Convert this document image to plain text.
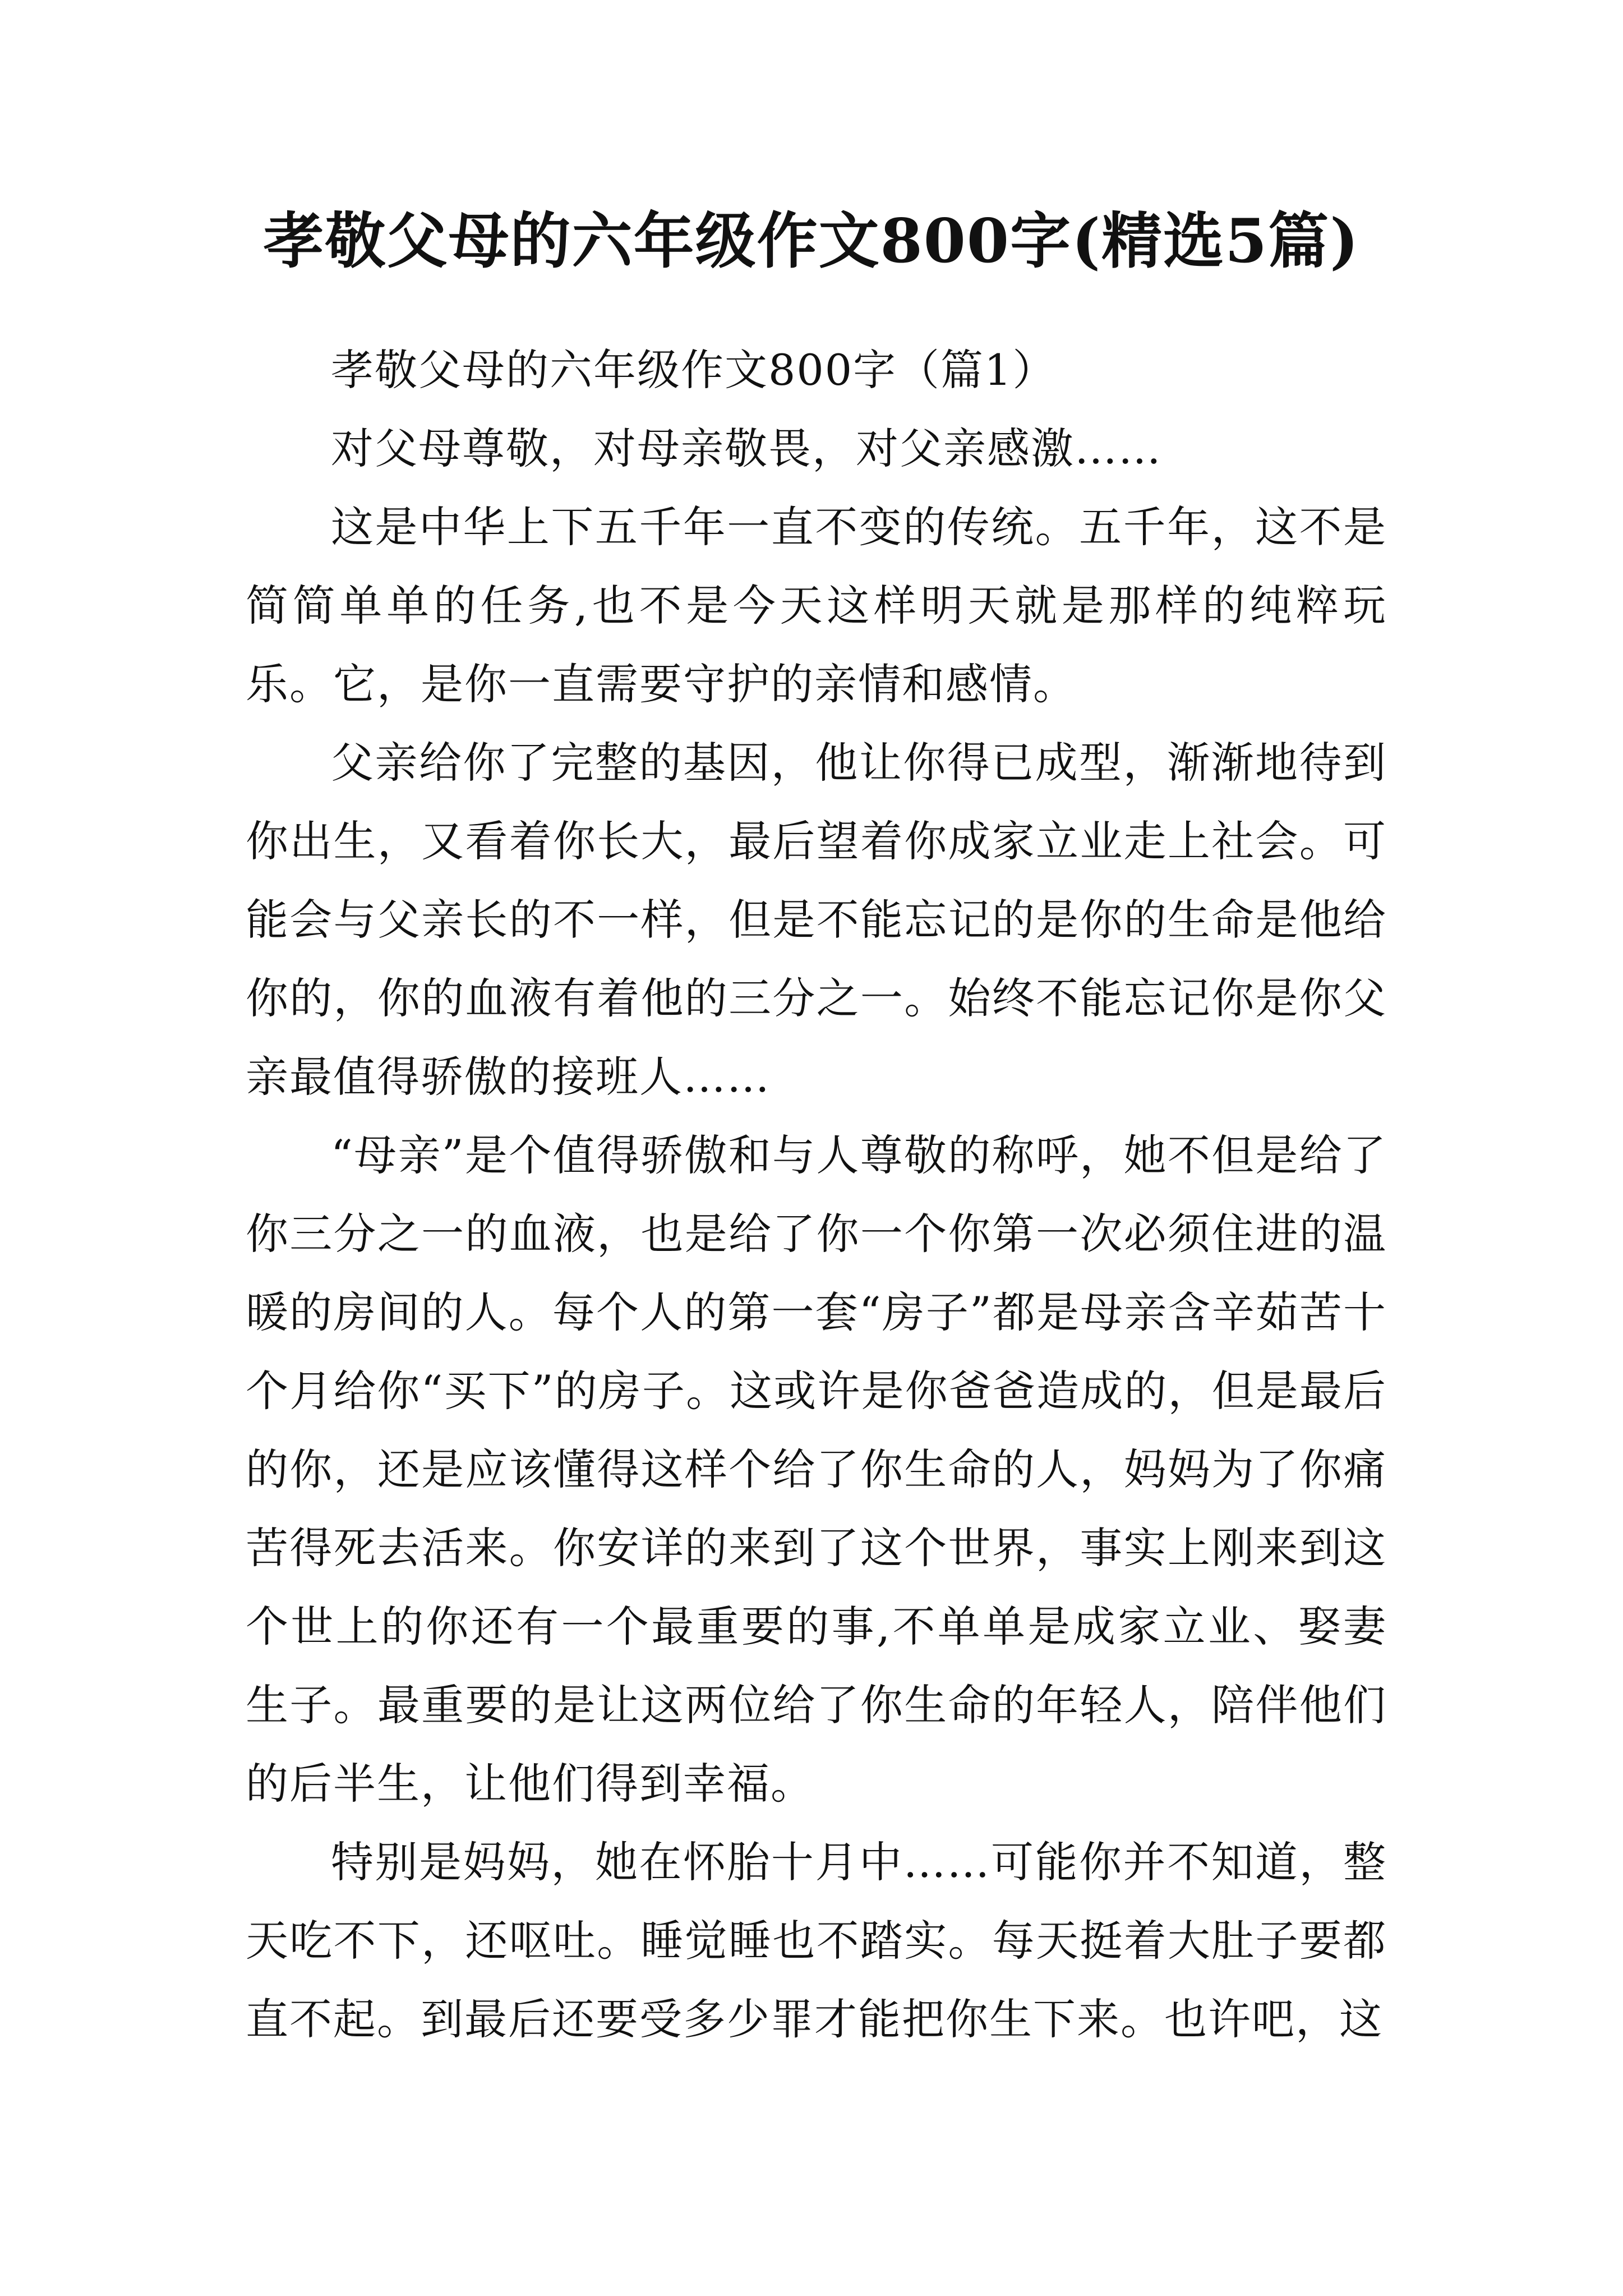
孝敬父母的六年级作文800字(精选5篇)

孝敬父母的六年级作文800字（篇1）

对父母尊敬，对母亲敬畏，对父亲感激……

这是中华上下五千年一直不变的传统。五千年，这不是简简单单的任务,也不是今天这样明天就是那样的纯粹玩乐。它，是你一直需要守护的亲情和感情。

父亲给你了完整的基因，他让你得已成型，渐渐地待到你出生，又看着你长大，最后望着你成家立业走上社会。可能会与父亲长的不一样，但是不能忘记的是你的生命是他给你的，你的血液有着他的三分之一。始终不能忘记你是你父亲最值得骄傲的接班人……

“母亲”是个值得骄傲和与人尊敬的称呼，她不但是给了你三分之一的血液，也是给了你一个你第一次必须住进的温暖的房间的人。每个人的第一套“房子”都是母亲含辛茹苦十个月给你“买下”的房子。这或许是你爸爸造成的，但是最后的你，还是应该懂得这样个给了你生命的人，妈妈为了你痛苦得死去活来。你安详的来到了这个世界，事实上刚来到这个世上的你还有一个最重要的事,不单单是成家立业、娶妻生子。最重要的是让这两位给了你生命的年轻人，陪伴他们的后半生，让他们得到幸福。

特别是妈妈，她在怀胎十月中……可能你并不知道，整天吃不下，还呕吐。睡觉睡也不踏实。每天挺着大肚子要都直不起。到最后还要受多少罪才能把你生下来。也许吧，这
